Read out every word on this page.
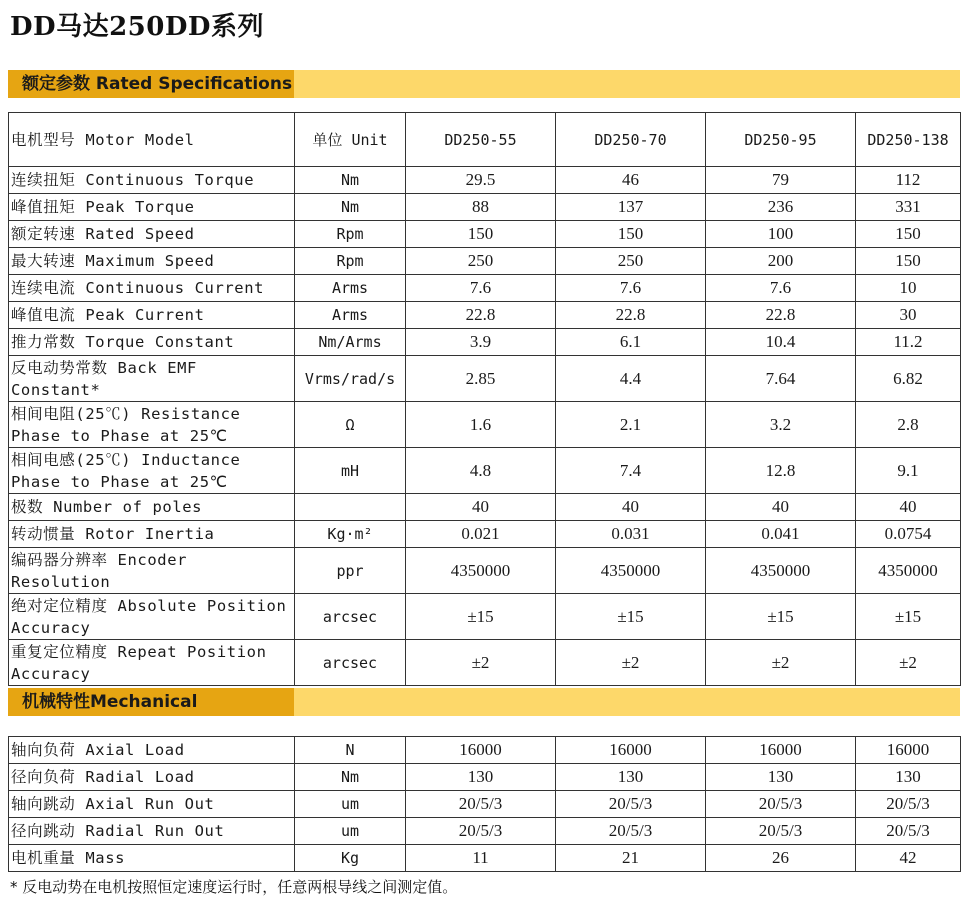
DD马达250DD系列
额定参数 Rated Specifications
电机型号 Motor Model	单位 Unit	DD250-55	DD250-70	DD250-95	DD250-138
连续扭矩 Continuous Torque	Nm	29.5	46	79	112
峰值扭矩 Peak Torque	Nm	88	137	236	331
额定转速 Rated Speed	Rpm	150	150	100	150
最大转速 Maximum Speed	Rpm	250	250	200	150
连续电流 Continuous Current	Arms	7.6	7.6	7.6	10
峰值电流 Peak Current	Arms	22.8	22.8	22.8	30
推力常数 Torque Constant	Nm/Arms	3.9	6.1	10.4	11.2
反电动势常数 Back EMF Constant*	Vrms/rad/s	2.85	4.4	7.64	6.82
相间电阻(25℃) Resistance Phase to Phase at 25℃	Ω	1.6	2.1	3.2	2.8
相间电感(25℃) Inductance Phase to Phase at 25℃	mH	4.8	7.4	12.8	9.1
极数 Number of poles		40	40	40	40
转动惯量 Rotor Inertia	Kg·m²	0.021	0.031	0.041	0.0754
编码器分辨率 Encoder Resolution	ppr	4350000	4350000	4350000	4350000
绝对定位精度 Absolute Position Accuracy	arcsec	±15	±15	±15	±15
重复定位精度 Repeat Position Accuracy	arcsec	±2	±2	±2	±2
机械特性Mechanical
轴向负荷 Axial Load	N	16000	16000	16000	16000
径向负荷 Radial Load	Nm	130	130	130	130
轴向跳动 Axial Run Out	um	20/5/3	20/5/3	20/5/3	20/5/3
径向跳动 Radial Run Out	um	20/5/3	20/5/3	20/5/3	20/5/3
电机重量 Mass	Kg	11	21	26	42
* 反电动势在电机按照恒定速度运行时，任意两根导线之间测定值。
